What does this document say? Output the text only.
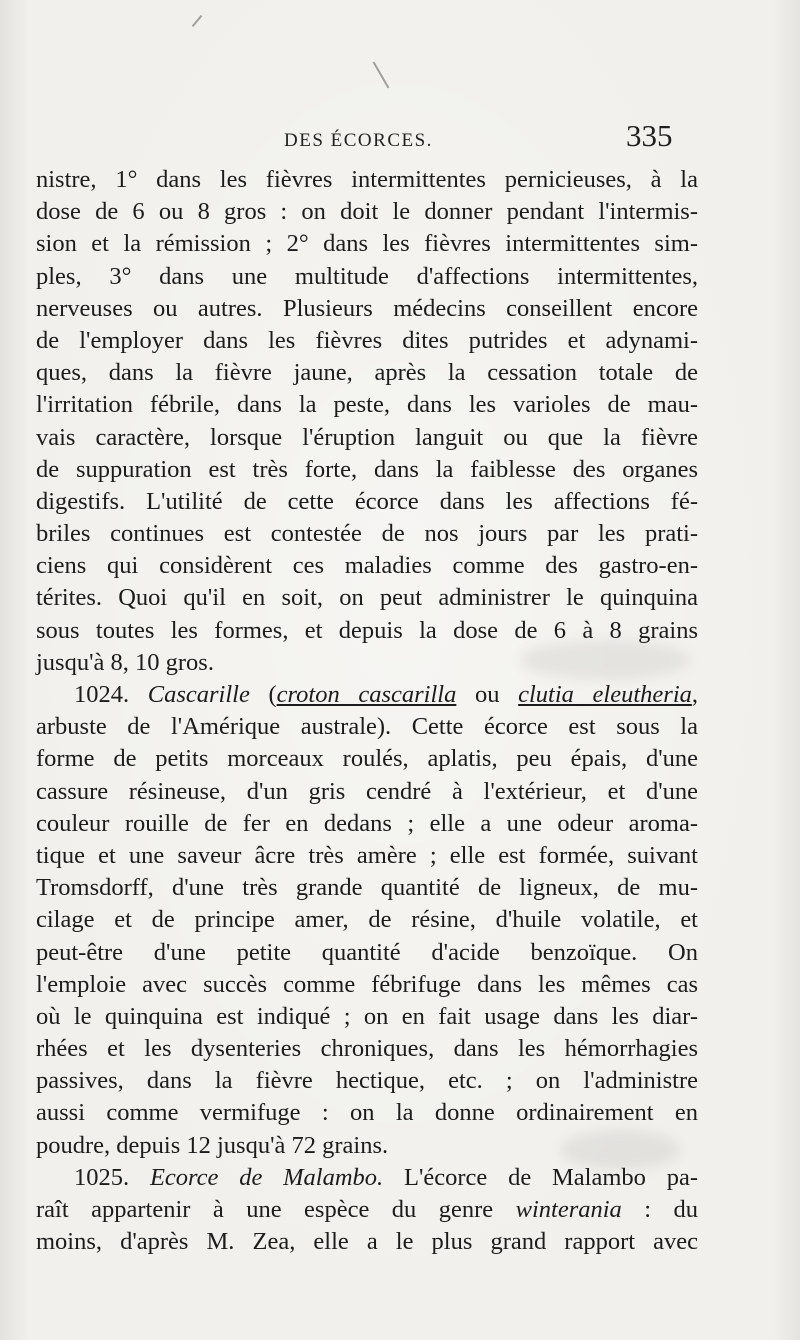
DES ÉCORCES.	335
nistre, 1° dans les fièvres intermittentes pernicieuses, à la
dose de 6 ou 8 gros : on doit le donner pendant l'intermis-
sion et la rémission ; 2° dans les fièvres intermittentes sim-
ples, 3° dans une multitude d'affections intermittentes,
nerveuses ou autres. Plusieurs médecins conseillent encore
de l'employer dans les fièvres dites putrides et adynami-
ques, dans la fièvre jaune, après la cessation totale de
l'irritation fébrile, dans la peste, dans les varioles de mau-
vais caractère, lorsque l'éruption languit ou que la fièvre
de suppuration est très forte, dans la faiblesse des organes
digestifs. L'utilité de cette écorce dans les affections fé-
briles continues est contestée de nos jours par les prati-
ciens qui considèrent ces maladies comme des gastro-en-
térites. Quoi qu'il en soit, on peut administrer le quinquina
sous toutes les formes, et depuis la dose de 6 à 8 grains
jusqu'à 8, 10 gros.
1024. Cascarille (croton cascarilla ou clutia eleutheria,
arbuste de l'Amérique australe). Cette écorce est sous la
forme de petits morceaux roulés, aplatis, peu épais, d'une
cassure résineuse, d'un gris cendré à l'extérieur, et d'une
couleur rouille de fer en dedans ; elle a une odeur aroma-
tique et une saveur âcre très amère ; elle est formée, suivant
Tromsdorff, d'une très grande quantité de ligneux, de mu-
cilage et de principe amer, de résine, d'huile volatile, et
peut-être d'une petite quantité d'acide benzoïque. On
l'emploie avec succès comme fébrifuge dans les mêmes cas
où le quinquina est indiqué ; on en fait usage dans les diar-
rhées et les dysenteries chroniques, dans les hémorrhagies
passives, dans la fièvre hectique, etc. ; on l'administre
aussi comme vermifuge : on la donne ordinairement en
poudre, depuis 12 jusqu'à 72 grains.
1025. Ecorce de Malambo. L'écorce de Malambo pa-
raît appartenir à une espèce du genre winterania : du
moins, d'après M. Zea, elle a le plus grand rapport avec
